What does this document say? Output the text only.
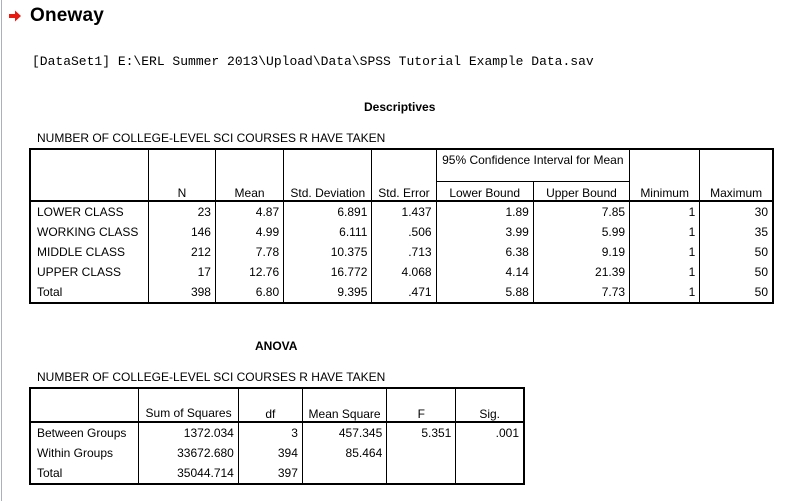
Oneway
[DataSet1] E:\ERL Summer 2013\Upload\Data\SPSS Tutorial Example Data.sav
Descriptives
NUMBER OF COLLEGE-LEVEL SCI COURSES R HAVE TAKEN
	N	Mean	Std. Deviation	Std. Error	95% Confidence Interval for Mean		Minimum	Maximum
					Lower Bound	Upper Bound		
LOWER CLASS	23	4.87	6.891	1.437	1.89	7.85	1	30
WORKING CLASS	146	4.99	6.111	.506	3.99	5.99	1	35
MIDDLE CLASS	212	7.78	10.375	.713	6.38	9.19	1	50
UPPER CLASS	17	12.76	16.772	4.068	4.14	21.39	1	50
Total	398	6.80	9.395	.471	5.88	7.73	1	50
ANOVA
NUMBER OF COLLEGE-LEVEL SCI COURSES R HAVE TAKEN
	Sum of Squares	df	Mean Square	F	Sig.
Between Groups	1372.034	3	457.345	5.351	.001
Within Groups	33672.680	394	85.464		
Total	35044.714	397			
